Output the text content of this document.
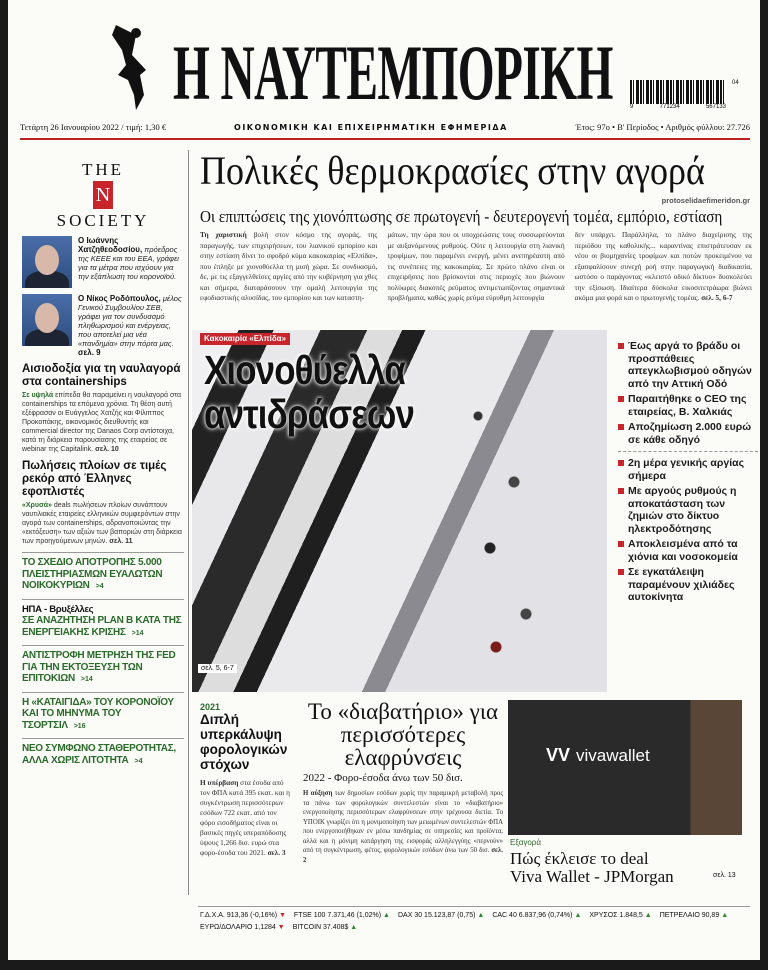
Η ΝΑΥΤΕΜΠΟΡΙΚΗ	9	771234	567133
04
Τετάρτη 26 Ιανουαρίου 2022 / τιμή: 1,30 €	ΟΙΚΟΝΟΜΙΚΗ ΚΑΙ ΕΠΙΧΕΙΡΗΜΑΤΙΚΗ ΕΦΗΜΕΡΙΔΑ	Έτος: 97ο • Β' Περίοδος • Αριθμός φύλλου: 27.726
THE
N
SOCIETY
Ο Ιωάννης Χατζηθεοδοσίου, πρόεδρος της ΚΕΕΕ και του ΕΕΑ, γράφει για τα μέτρα που ισχύουν για την εξάπλωση του κορονοϊού.
Ο Νίκος Ροδόπουλος, μέλος Γενικού Συμβουλίου ΣΕΒ, γράφει για τον συνδυασμό πληθωρισμού και ενέργειας, που αποτελεί μια νέα «πανδημία» στην πόρτα μας. σελ. 9
Αισιοδοξία για τη ναυλαγορά στα containerships
Σε υψηλά επίπεδα θα παραμείνει η ναυλαγορά στα containerships τα επόμενα χρόνια. Τη θέση αυτή εξέφρασαν οι Ευάγγελος Χατζής και Φίλιππος Προκοπάκης, οικονομικός διευθυντής και commercial director της Danaos Corp αντίστοιχα, κατά τη διάρκεια παρουσίασης της εταιρείας σε webinar της Capitalink. σελ. 10
Πωλήσεις πλοίων σε τιμές ρεκόρ από Έλληνες εφοπλιστές
«Χρυσά» deals πωλήσεων πλοίων συνάπτουν ναυτιλιακές εταιρείες ελληνικών συμφερόντων στην αγορά των containerships, αδρανοποιώντας την «εκτόξευση» των αξιών των βαποριών στη διάρκεια των προηγούμενων μηνών. σελ. 11
ΤΟ ΣΧΕΔΙΟ ΑΠΟΤΡΟΠΗΣ 5.000 ΠΛΕΙΣΤΗΡΙΑΣΜΩΝ ΕΥΑΛΩΤΩΝ ΝΟΙΚΟΚΥΡΙΩΝ >4
ΗΠΑ - Βρυξέλλες
ΣΕ ΑΝΑΖΗΤΗΣΗ PLAN B ΚΑΤΑ ΤΗΣ ΕΝΕΡΓΕΙΑΚΗΣ ΚΡΙΣΗΣ >14
ΑΝΤΙΣΤΡΟΦΗ ΜΕΤΡΗΣΗ ΤΗΣ FED ΓΙΑ ΤΗΝ ΕΚΤΟΞΕΥΣΗ ΤΩΝ ΕΠΙΤΟΚΙΩΝ >14
Η «ΚΑΤΑΙΓΙΔΑ» ΤΟΥ ΚΟΡΟΝΟΪΟΥ ΚΑΙ ΤΟ ΜΗΝΥΜΑ ΤΟΥ ΤΣΟΡΤΣΙΛ >16
ΝΕΟ ΣΥΜΦΩΝΟ ΣΤΑΘΕΡΟΤΗΤΑΣ, ΑΛΛΑ ΧΩΡΙΣ ΛΙΤΟΤΗΤΑ >4
Πολικές θερμοκρασίες στην αγορά
protoselidaefimeridon.gr
Οι επιπτώσεις της χιονόπτωσης σε πρωτογενή - δευτερογενή τομέα, εμπόριο, εστίαση

Τη χαριστική βολή στον κόσμο της αγοράς, της παραγωγής, των επιχειρήσεων, του λιανικού εμπορίου και στην εστίαση δίνει το σφοδρό κύμα κακοκαιρίας «Ελπίδα», που έπληξε με χιονοθύελλα τη μισή χώρα. Σε συνδυασμό, δε, με τις εξαγγελθείσες αργίες από την κυβέρνηση για χθες και σήμερα, διαταράσσουν την ομαλή λειτουργία της εφοδιαστικής αλυσίδας, του εμπορίου και των καταστη-

μάτων, την ώρα που οι υποχρεώσεις τους συσσωρεύονται με αυξανόμενους ρυθμούς. Ούτε η λειτουργία στη λιανική τροφίμων, που παραμένει ενεργή, μένει ανεπηρέαστη από τις συνέπειες της κακοκαιρίας. Σε πρώτο πλάνο είναι οι επιχειρήσεις που βρίσκονται στις περιοχές που βιώνουν πολύωρες διακοπές ρεύματος αντιμετωπίζοντας σημαντικά προβλήματα, καθώς χωρίς ρεύμα εύρυθμη λειτουργία

δεν υπάρχει. Παράλληλα, το πλάνο διαχείρισης της περιόδου της καθολικής... καραντίνας επιστράτευσαν εκ νέου οι βιομηχανίες τροφίμων και ποτών προκειμένου να εξασφαλίσουν συνεχή ροή στην παραγωγική διαδικασία, ωστόσο ο παράγοντας «κλειστό οδικό δίκτυο» δυσκολεύει την εξίσωση. Ιδιαίτερα δύσκολα εικοσιτετράωρα βιώνει ακόμα μια φορά και ο πρωτογενής τομέας. σελ. 5, 6-7

Κακοκαιρία «Ελπίδα»
Χιονοθύελλα
αντιδράσεων
σελ. 5, 6-7
Έως αργά το βράδυ οι προσπάθειες απεγκλωβισμού οδηγών από την Αττική Οδό
Παραιτήθηκε ο CEO της εταιρείας, Β. Χαλκιάς
Αποζημίωση 2.000 ευρώ σε κάθε οδηγό
2η μέρα γενικής αργίας σήμερα
Με αργούς ρυθμούς η αποκατάσταση των ζημιών στο δίκτυο ηλεκτροδότησης
Αποκλεισμένα από τα χιόνια και νοσοκομεία
Σε εγκατάλειψη παραμένουν χιλιάδες αυτοκίνητα
2021
Διπλή υπερκάλυψη φορολογικών στόχων
Η υπέρβαση στα έσοδα από τον ΦΠΑ κατά 395 εκατ. και η συγκέντρωση περισσότερων εσόδων 722 εκατ. από τον φόρο εισοδήματος είναι οι βασικές πηγές υπεραπόδοσης ύψους 1,266 δισ. ευρώ στα φορο-έσοδα του 2021. σελ. 3
Το «διαβατήριο» για περισσότερες ελαφρύνσεις
2022 - Φορο-έσοδα άνω των 50 δισ.
Η αύξηση των δημοσίων εσόδων χωρίς την παραμικρή μεταβολή προς τα πάνω των φορολογικών συντελεστών είναι το «διαβατήριο» ενεργοποίησης περισσότερων ελαφρύνσεων στην τρέχουσα διετία. Το ΥΠΟΙΚ γνωρίζει ότι η μονιμοποίηση των μειωμένων συντελεστών ΦΠΑ που ενεργοποιήθηκαν εν μέσω πανδημίας σε υπηρεσίες και προϊόντα, αλλά και η μόνιμη κατάργηση της εισφοράς αλληλεγγύης «περνούν» από τη συγκέντρωση, φέτος, φορολογικών εσόδων άνω των 50 δισ. σελ. 2
VV vivawallet
Εξαγορά
Πώς έκλεισε το deal
Viva Wallet - JPMorgan	σελ. 13
Γ.Δ.Χ.Α. 913,36 (-0,16%) ▼ FTSE 100 7.371,46 (1,02%) ▲ DAX 30 15.123,87 (0,75) ▲ CAC 40 6.837,96 (0,74%) ▲ ΧΡΥΣΟΣ 1.848,5 ▲ ΠΕΤΡΕΛΑΙΟ 90,89 ▲
ΕΥΡΩ/ΔΟΛΑΡΙΟ 1,1284 ▼ BITCOIN 37.408$ ▲
